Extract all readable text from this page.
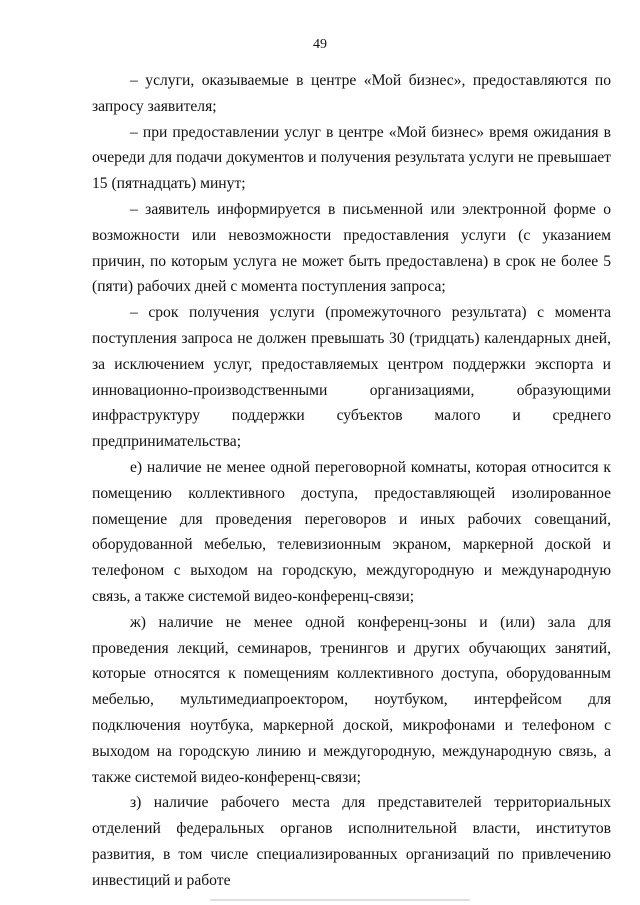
49

– услуги, оказываемые в центре «Мой бизнес», предоставляются по запросу заявителя;

– при предоставлении услуг в центре «Мой бизнес» время ожидания в очереди для подачи документов и получения результата услуги не превышает 15 (пятнадцать) минут;

– заявитель информируется в письменной или электронной форме о возможности или невозможности предоставления услуги (с указанием причин, по которым услуга не может быть предоставлена) в срок не более 5 (пяти) рабочих дней с момента поступления запроса;

– срок получения услуги (промежуточного результата) с момента поступления запроса не должен превышать 30 (тридцать) календарных дней, за исключением услуг, предоставляемых центром поддержки экспорта и инновационно-производственными организациями, образующими инфраструктуру поддержки субъектов малого и среднего предпринимательства;

е) наличие не менее одной переговорной комнаты, которая относится к помещению коллективного доступа, предоставляющей изолированное помещение для проведения переговоров и иных рабочих совещаний, оборудованной мебелью, телевизионным экраном, маркерной доской и телефоном с выходом на городскую, междугородную и международную связь, а также системой видео-конференц-связи;

ж) наличие не менее одной конференц-зоны и (или) зала для проведения лекций, семинаров, тренингов и других обучающих занятий, которые относятся к помещениям коллективного доступа, оборудованным мебелью, мультимедиапроектором, ноутбуком, интерфейсом для подключения ноутбука, маркерной доской, микрофонами и телефоном с выходом на городскую линию и междугородную, международную связь, а также системой видео-конференц-связи;

з) наличие рабочего места для представителей территориальных отделений федеральных органов исполнительной власти, институтов развития, в том числе специализированных организаций по привлечению инвестиций и работе
